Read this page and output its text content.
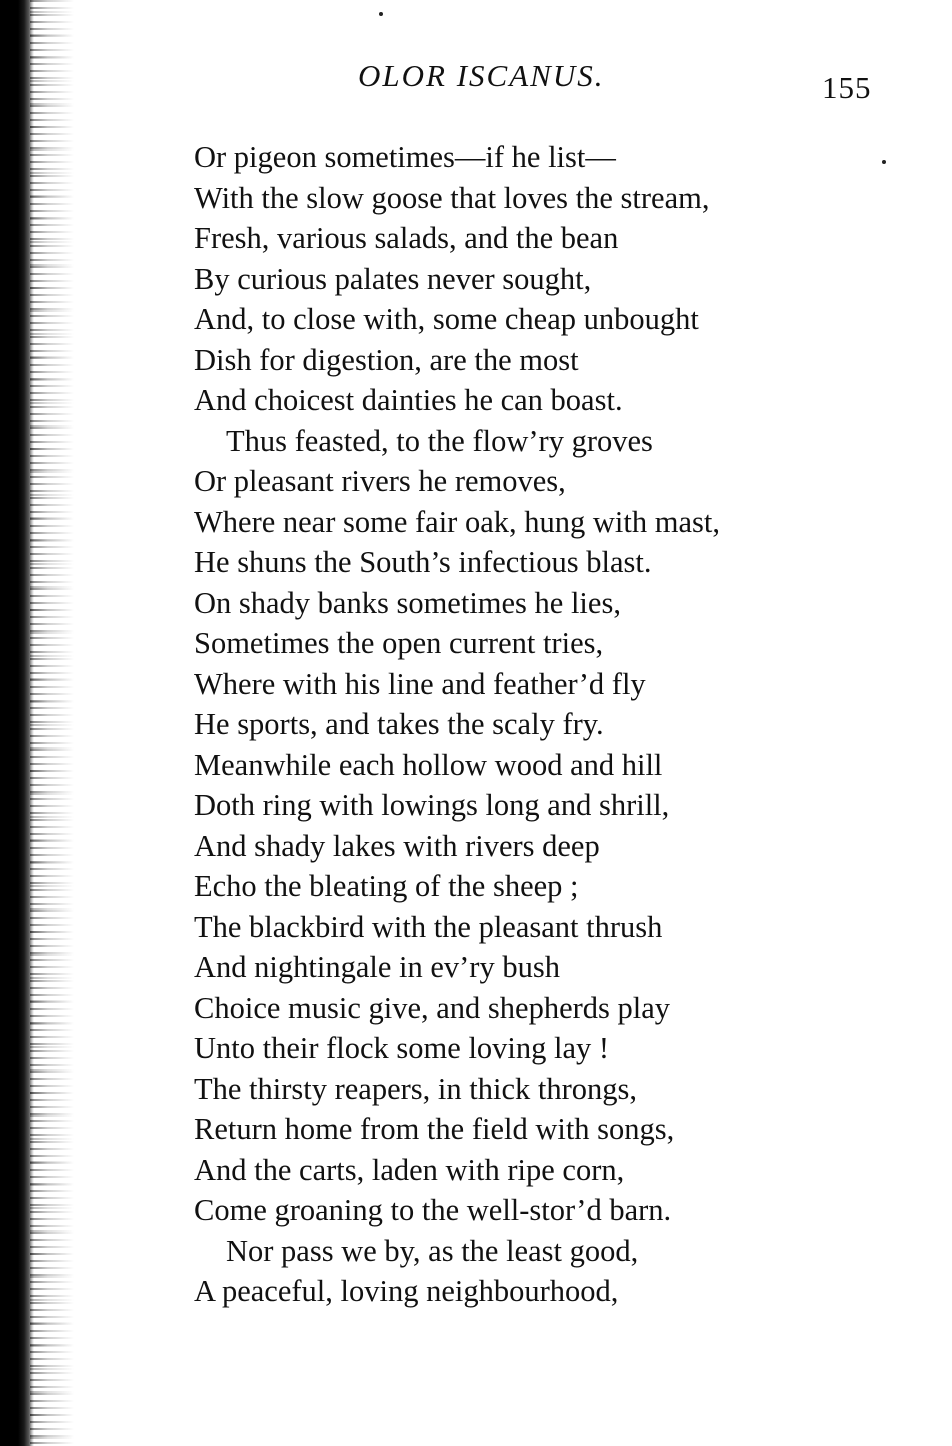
OLOR ISCANUS.	155
Or pigeon sometimes—if he list—
With the slow goose that loves the stream,
Fresh, various salads, and the bean
By curious palates never sought,
And, to close with, some cheap unbought
Dish for digestion, are the most
And choicest dainties he can boast.
Thus feasted, to the flow’ry groves
Or pleasant rivers he removes,
Where near some fair oak, hung with mast,
He shuns the South’s infectious blast.
On shady banks sometimes he lies,
Sometimes the open current tries,
Where with his line and feather’d fly
He sports, and takes the scaly fry.
Meanwhile each hollow wood and hill
Doth ring with lowings long and shrill,
And shady lakes with rivers deep
Echo the bleating of the sheep ;
The blackbird with the pleasant thrush
And nightingale in ev’ry bush
Choice music give, and shepherds play
Unto their flock some loving lay !
The thirsty reapers, in thick throngs,
Return home from the field with songs,
And the carts, laden with ripe corn,
Come groaning to the well-stor’d barn.
Nor pass we by, as the least good,
A peaceful, loving neighbourhood,
